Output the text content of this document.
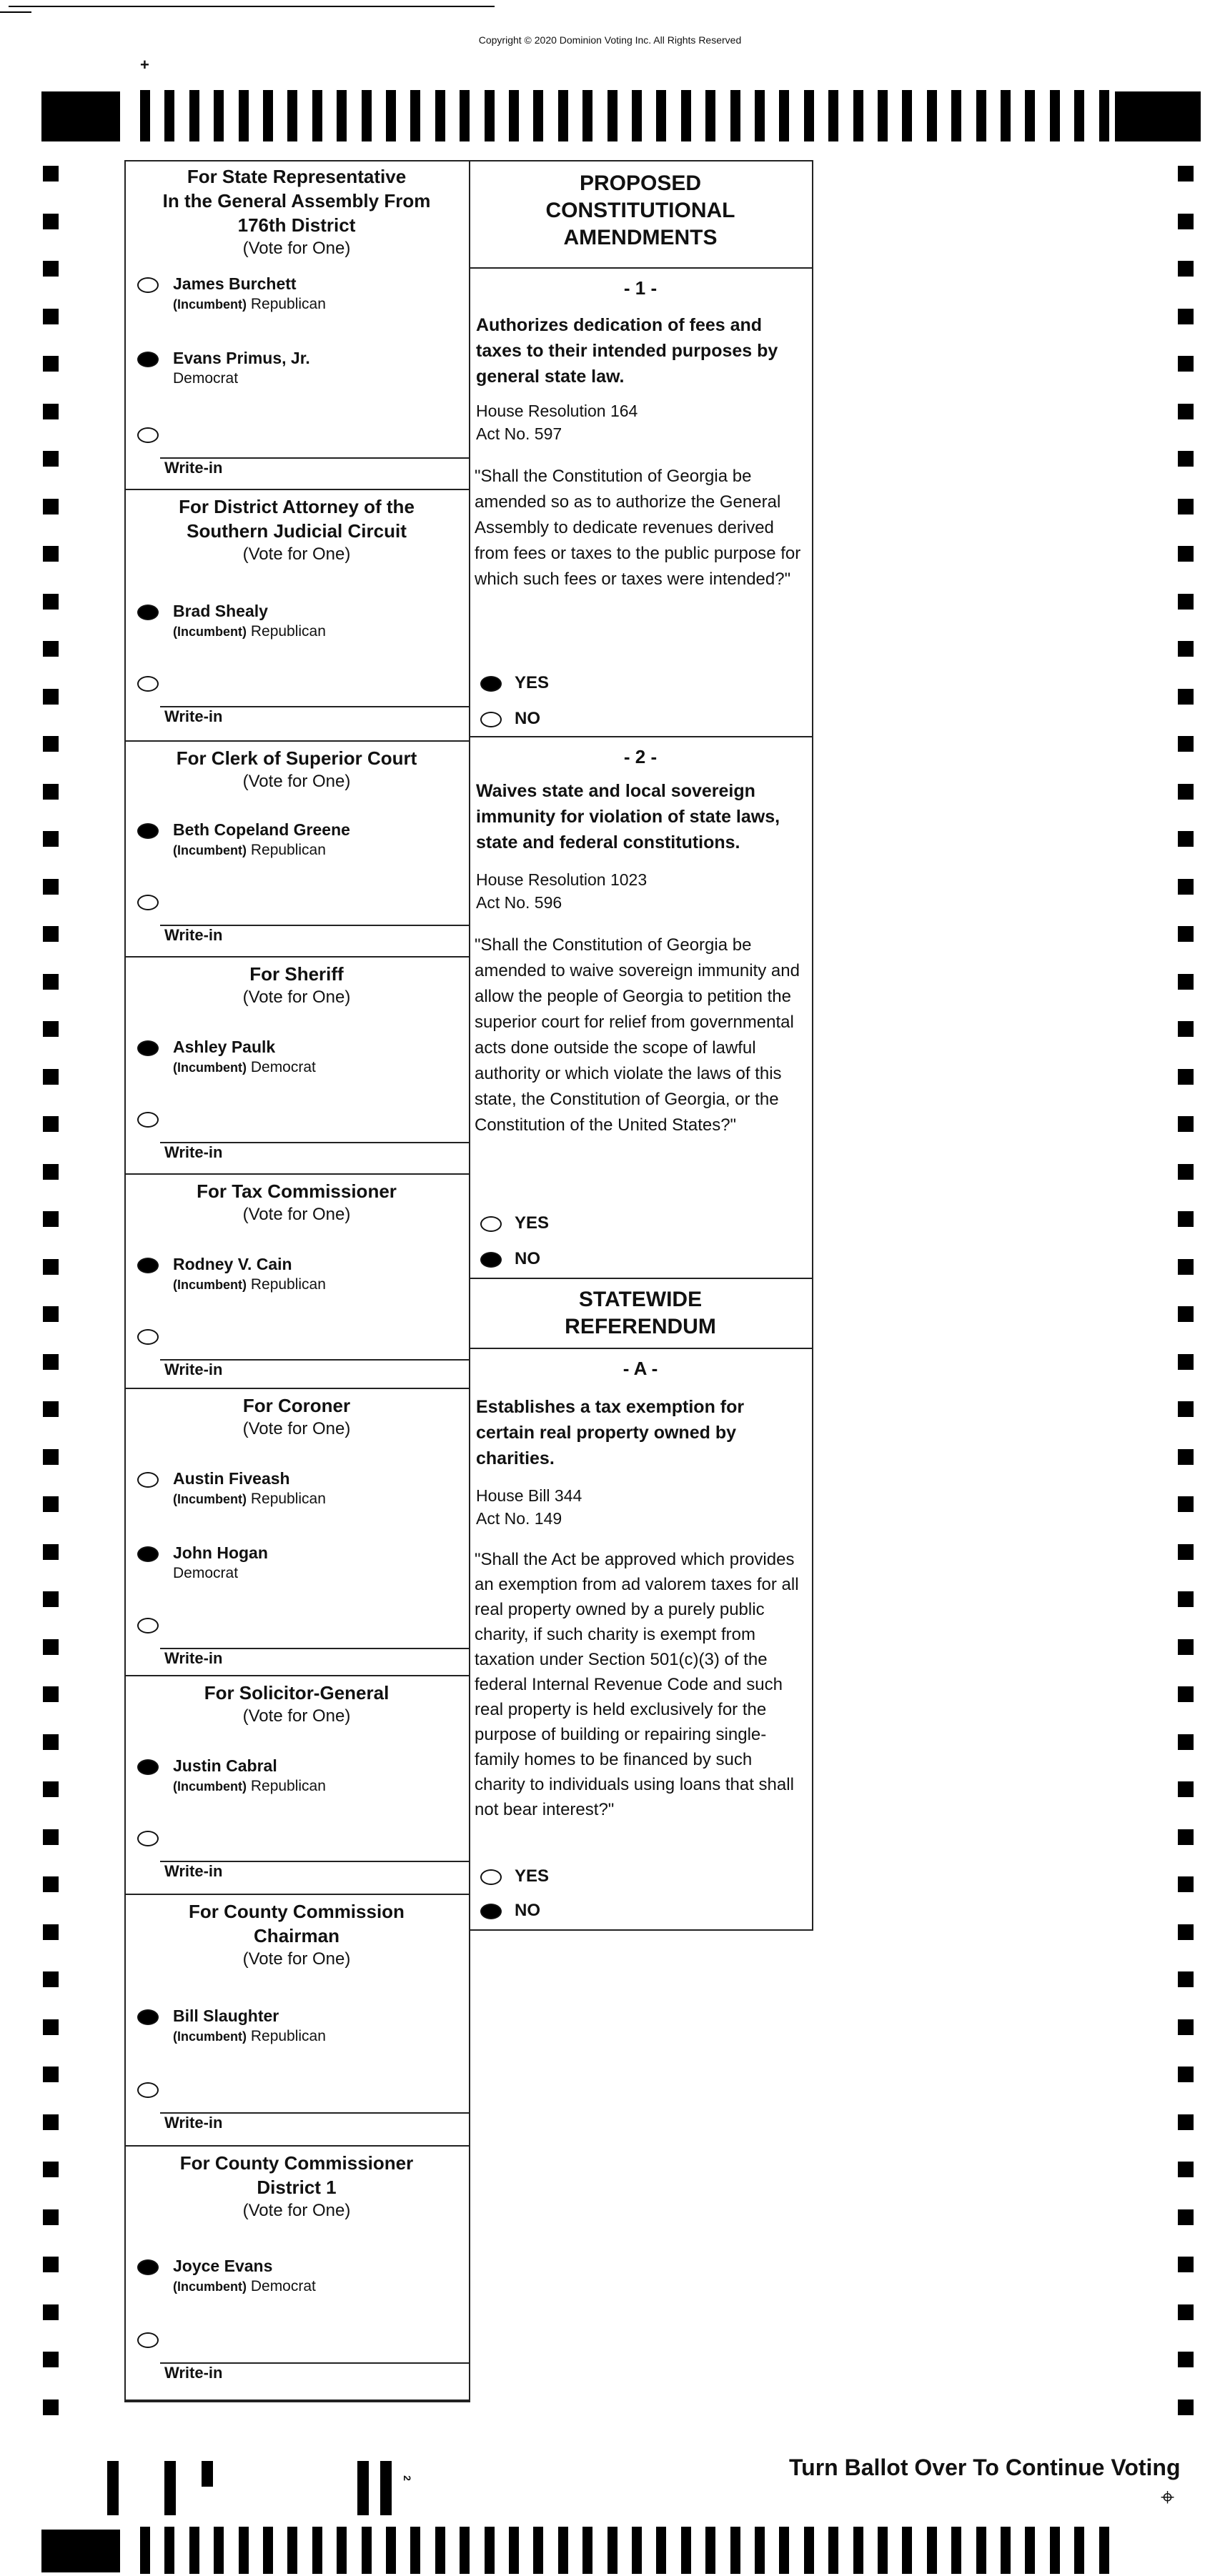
Copyright © 2020 Dominion Voting Inc. All Rights Reserved
+
For State Representative
In the General Assembly From
176th District
(Vote for One)
James Burchett
(Incumbent) Republican
Evans Primus, Jr.
Democrat
Write-in
For District Attorney of the
Southern Judicial Circuit
(Vote for One)
Brad Shealy
(Incumbent) Republican
Write-in
For Clerk of Superior Court
(Vote for One)
Beth Copeland Greene
(Incumbent) Republican
Write-in
For Sheriff
(Vote for One)
Ashley Paulk
(Incumbent) Democrat
Write-in
For Tax Commissioner
(Vote for One)
Rodney V. Cain
(Incumbent) Republican
Write-in
For Coroner
(Vote for One)
Austin Fiveash
(Incumbent) Republican
John Hogan
Democrat
Write-in
For Solicitor-General
(Vote for One)
Justin Cabral
(Incumbent) Republican
Write-in
For County Commission
Chairman
(Vote for One)
Bill Slaughter
(Incumbent) Republican
Write-in
For County Commissioner
District 1
(Vote for One)
Joyce Evans
(Incumbent) Democrat
Write-in
PROPOSED
CONSTITUTIONAL
AMENDMENTS
- 1 -
Authorizes dedication of fees and taxes to their intended purposes by general state law.
House Resolution 164
Act No. 597
"Shall the Constitution of Georgia be amended so as to authorize the General Assembly to dedicate revenues derived from fees or taxes to the public purpose for which such fees or taxes were intended?"
YES
NO
- 2 -
Waives state and local sovereign immunity for violation of state laws, state and federal constitutions.
House Resolution 1023
Act No. 596
"Shall the Constitution of Georgia be amended to waive sovereign immunity and allow the people of Georgia to petition the superior court for relief from governmental acts done outside the scope of lawful authority or which violate the laws of this state, the Constitution of Georgia, or the Constitution of the United States?"
YES
NO
STATEWIDE
REFERENDUM
- A -
Establishes a tax exemption for certain real property owned by charities.
House Bill 344
Act No. 149
"Shall the Act be approved which provides an exemption from ad valorem taxes for all real property owned by a purely public charity, if such charity is exempt from taxation under Section 501(c)(3) of the federal Internal Revenue Code and such real property is held exclusively for the purpose of building or repairing single-family homes to be financed by such charity to individuals using loans that shall not bear interest?"
YES
NO
Turn Ballot Over To Continue Voting
⌖
2
